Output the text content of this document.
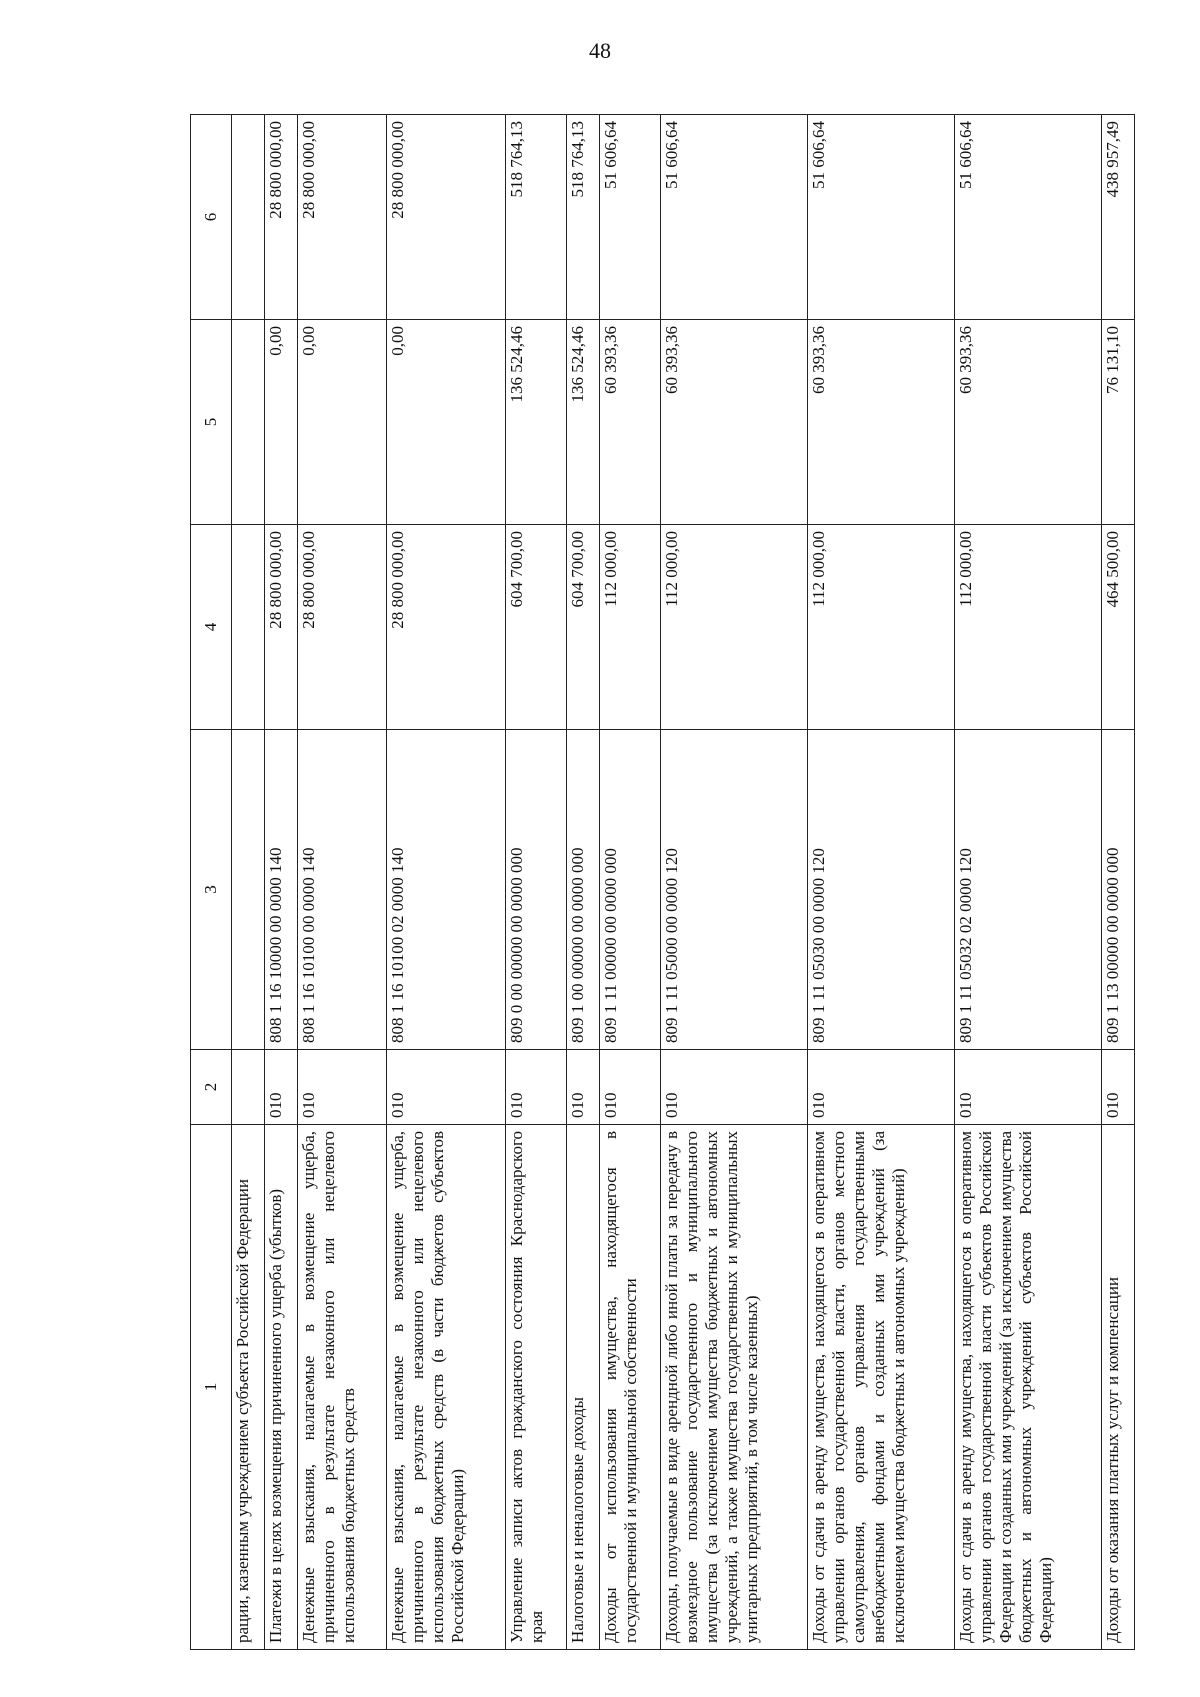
48
1	2	3	4	5	6
рации, казенным учреждением субъекта Российской Федерации					
Платежи в целях возмещения причиненного ущерба (убытков)	010	808 1 16 10000 00 0000 140	28 800 000,00	0,00	28 800 000,00
Денежные взыскания, налагаемые в возмещение ущерба, причиненного в результате незаконного или нецелевого использования бюджетных средств	010	808 1 16 10100 00 0000 140	28 800 000,00	0,00	28 800 000,00
Денежные взыскания, налагаемые в возмещение ущерба, причиненного в результате незаконного или нецелевого использования бюджетных средств (в части бюджетов субъектов Российской Федерации)	010	808 1 16 10100 02 0000 140	28 800 000,00	0,00	28 800 000,00
Управление записи актов гражданского состояния Краснодарского края	010	809 0 00 00000 00 0000 000	604 700,00	136 524,46	518 764,13
Налоговые и неналоговые доходы	010	809 1 00 00000 00 0000 000	604 700,00	136 524,46	518 764,13
Доходы от использования имущества, находящегося в государственной и муниципальной собственности	010	809 1 11 00000 00 0000 000	112 000,00	60 393,36	51 606,64
Доходы, получаемые в виде арендной либо иной платы за передачу в возмездное пользование государственного и муниципального имущества (за исключением имущества бюджетных и автономных учреждений, а также имущества государственных и муниципальных унитарных предприятий, в том числе казенных)	010	809 1 11 05000 00 0000 120	112 000,00	60 393,36	51 606,64
Доходы от сдачи в аренду имущества, находящегося в оперативном управлении органов государственной власти, органов местного самоуправления, органов управления государственными внебюджетными фондами и созданных ими учреждений (за исключением имущества бюджетных и автономных учреждений)	010	809 1 11 05030 00 0000 120	112 000,00	60 393,36	51 606,64
Доходы от сдачи в аренду имущества, находящегося в оперативном управлении органов государственной власти субъектов Российской Федерации и созданных ими учреждений (за исключением имущества бюджетных и автономных учреждений субъектов Российской Федерации)	010	809 1 11 05032 02 0000 120	112 000,00	60 393,36	51 606,64
Доходы от оказания платных услуг и компенсации	010	809 1 13 00000 00 0000 000	464 500,00	76 131,10	438 957,49
